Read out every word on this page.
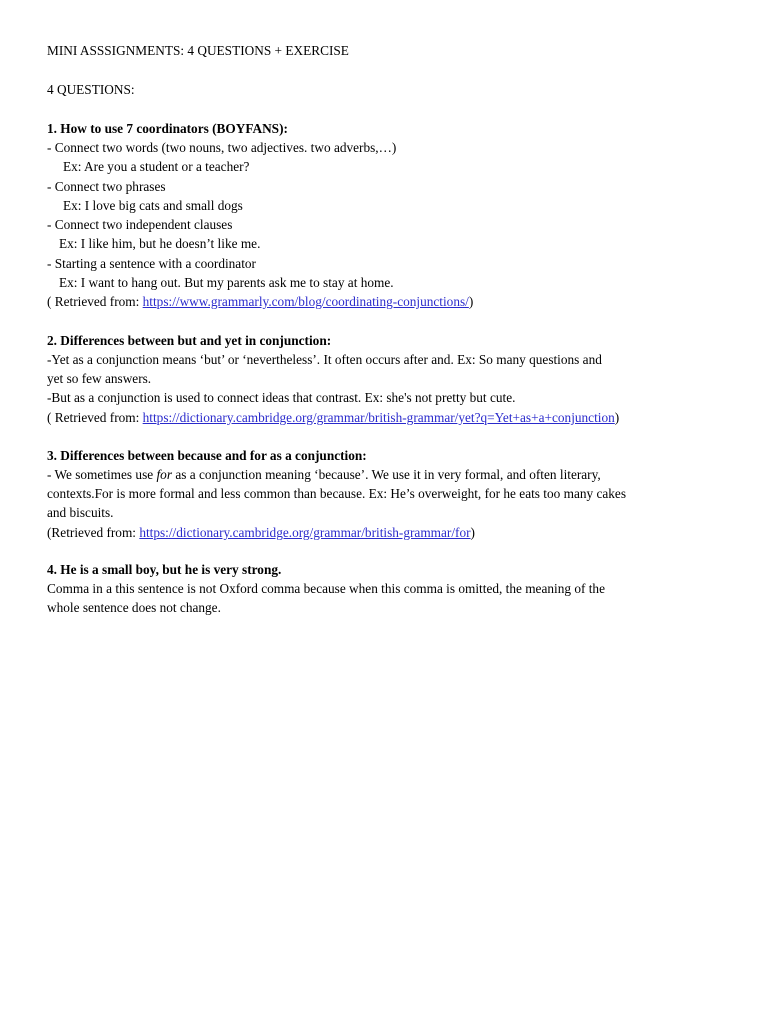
MINI ASSSIGNMENTS: 4 QUESTIONS + EXERCISE
4 QUESTIONS:
1. How to use 7 coordinators (BOYFANS):
- Connect two words (two nouns, two adjectives. two adverbs,…)
Ex: Are you a student or a teacher?
- Connect two phrases
Ex: I love big cats and small dogs
- Connect two independent clauses
Ex: I like him, but he doesn’t like me.
- Starting a sentence with a coordinator
Ex: I want to hang out. But my parents ask me to stay at home.
( Retrieved from: https://www.grammarly.com/blog/coordinating-conjunctions/)
2. Differences between but and yet in conjunction:
-Yet as a conjunction means ‘but’ or ‘nevertheless’. It often occurs after and. Ex: So many questions and
yet so few answers.
-But as a conjunction is used to connect ideas that contrast. Ex: she's not pretty but cute.
( Retrieved from: https://dictionary.cambridge.org/grammar/british-grammar/yet?q=Yet+as+a+conjunction)
3. Differences between because and for as a conjunction:
- We sometimes use for as a conjunction meaning ‘because’. We use it in very formal, and often literary,
contexts.For is more formal and less common than because. Ex: He’s overweight, for he eats too many cakes
and biscuits.
(Retrieved from: https://dictionary.cambridge.org/grammar/british-grammar/for)
4. He is a small boy, but he is very strong.
Comma in a this sentence is not Oxford comma because when this comma is omitted, the meaning of the
whole sentence does not change.
